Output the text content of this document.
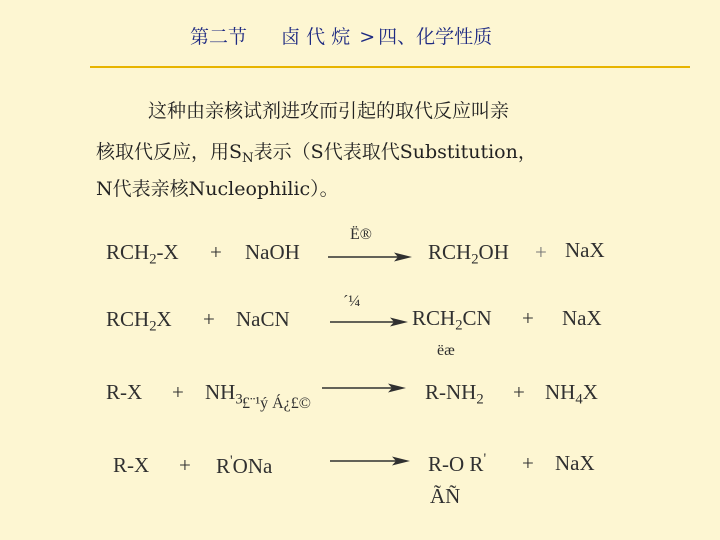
第二节 卤 代 烷 > 四、化学性质
这种由亲核试剂进攻而引起的取代反应叫亲
核取代反应，用$S_N$表示（S代表取代Substitution，
N代表亲核Nucleophilic）。
$RCH_2-X$ + NaOH
Ë®
$RCH_2OH$ + NaX
$RCH_2X$ + NaCN
´¼
$RCH_2CN$ + NaX
ëæ
$R-X + NH_3$ £¨¹ý Á¿£©	$R-NH_2 + NH_4X$
R-X + R'ONa	R-O R' + NaX
ÃÑ
